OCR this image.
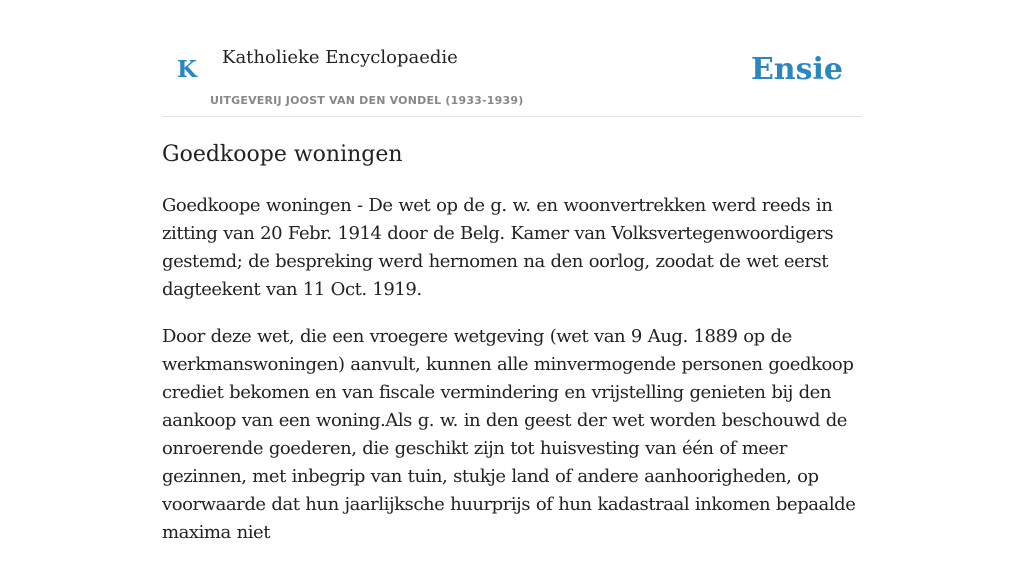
K Katholieke Encyclopaedie
UITGEVERIJ JOOST VAN DEN VONDEL (1933-1939)
Ensie
Goedkoope woningen

Goedkoope woningen - De wet op de g. w. en woonvertrekken werd reeds in zitting van 20 Febr. 1914 door de Belg. Kamer van Volksvertegenwoordigers gestemd; de bespreking werd hernomen na den oorlog, zoodat de wet eerst dagteekent van 11 Oct. 1919.

Door deze wet, die een vroegere wetgeving (wet van 9 Aug. 1889 op de werkmanswoningen) aanvult, kunnen alle minvermogende personen goedkoop crediet bekomen en van fiscale vermindering en vrijstelling genieten bij den aankoop van een woning.Als g. w. in den geest der wet worden beschouwd de onroerende goederen, die geschikt zijn tot huisvesting van één of meer gezinnen, met inbegrip van tuin, stukje land of andere aanhoorigheden, op voorwaarde dat hun jaarlijksche huurprijs of hun kadastraal inkomen bepaalde maxima niet
